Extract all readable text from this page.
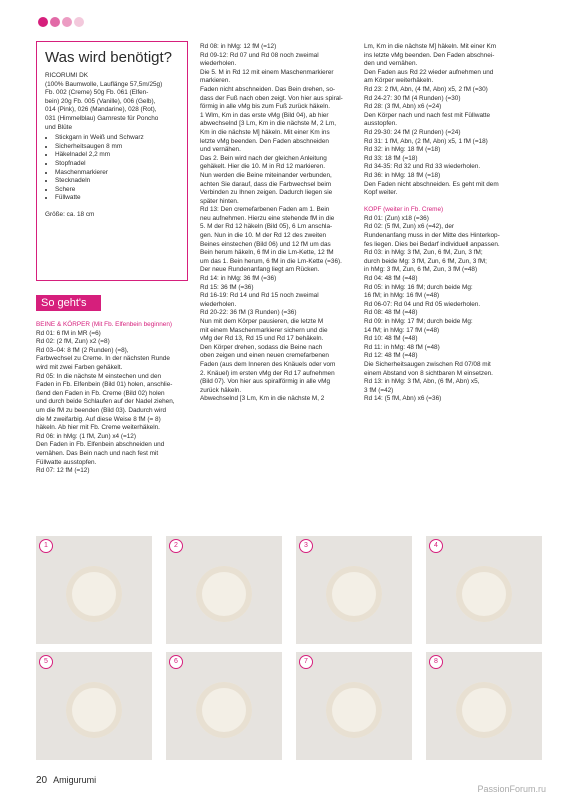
Was wird benötigt?

RICORUMI DK

(100% Baumwolle, Lauflänge 57,5m/25g)

Fb. 002 (Creme) 50g Fb. 061 (Elfen-

bein) 20g Fb. 005 (Vanille), 006 (Gelb),

014 (Pink), 026 (Mandarine), 028 (Rot),

031 (Himmelblau) Garnreste für Poncho

und Blüte

• Stickgarn in Weiß und Schwarz
• Sicherheitsaugen 8 mm
• Häkelnadel 2,2 mm
• Stopfnadel
• Maschenmarkierer
• Stecknadeln
• Schere
• Füllwatte

Größe: ca. 18 cm

So geht's
BEINE & KÖRPER (Mit Fb. Elfenbein beginnen)
Rd 01: 6 fM in MR (=6)
Rd 02: (2 fM, Zun) x2 (=8)
Rd 03–04: 8 fM (2 Runden) (=8),
Farbwechsel zu Creme. In der nächsten Runde
wird mit zwei Farben gehäkelt.
Rd 05: In die nächste M einstechen und den
Faden in Fb. Elfenbein (Bild 01) holen, anschlie-
ßend den Faden in Fb. Creme (Bild 02) holen
und durch beide Schlaufen auf der Nadel ziehen,
um die fM zu beenden (Bild 03). Dadurch wird
die M zweifarbig. Auf diese Weise 8 fM (= 8)
häkeln. Ab hier mit Fb. Creme weiterhäkeln.
Rd 06: in hMg: (1 fM, Zun) x4 (=12)
Den Faden in Fb. Elfenbein abschneiden und
vernähen. Das Bein nach und nach fest mit
Füllwatte ausstopfen.
Rd 07: 12 fM (=12)
Rd 08: in hMg: 12 fM (=12)
Rd 09-12: Rd 07 und Rd 08 noch zweimal
wiederholen.
Die 5. M in Rd 12 mit einem Maschenmarkierer
markieren.
Faden nicht abschneiden. Das Bein drehen, so-
dass der Fuß nach oben zeigt. Von hier aus spiral-
förmig in alle vMg bis zum Fuß zurück häkeln.
1 Wlm, Km in das erste vMg (Bild 04), ab hier
abwechselnd [3 Lm, Km in die nächste M, 2 Lm,
Km in die nächste M] häkeln. Mit einer Km ins
letzte vMg beenden. Den Faden abschneiden
und vernähen.
Das 2. Bein wird nach der gleichen Anleitung
gehäkelt. Hier die 10. M in Rd 12 markieren.
Nun werden die Beine miteinander verbunden,
achten Sie darauf, dass die Farbwechsel beim
Verbinden zu Ihnen zeigen. Dadurch liegen sie
später hinten.
Rd 13: Den cremefarbenen Faden am 1. Bein
neu aufnehmen. Hierzu eine stehende fM in die
5. M der Rd 12 häkeln (Bild 05), 6 Lm anschla-
gen. Nun in die 10. M der Rd 12 des zweiten
Beines einstechen (Bild 06) und 12 fM um das
Bein herum häkeln, 6 fM in die Lm-Kette, 12 fM
um das 1. Bein herum, 6 fM in die Lm-Kette (=36).
Der neue Rundenanfang liegt am Rücken.
Rd 14: in hMg: 36 fM (=36)
Rd 15: 36 fM (=36)
Rd 16-19: Rd 14 und Rd 15 noch zweimal
wiederholen.
Rd 20-22: 36 fM (3 Runden) (=36)
Nun mit dem Körper pausieren, die letzte M
mit einem Maschenmarkierer sichern und die
vMg der Rd 13, Rd 15 und Rd 17 behäkeln.
Den Körper drehen, sodass die Beine nach
oben zeigen und einen neuen cremefarbenen
Faden (aus dem Inneren des Knäuels oder vom
2. Knäuel) im ersten vMg der Rd 17 aufnehmen
(Bild 07). Von hier aus spiralförmig in alle vMg
zurück häkeln.
Abwechselnd [3 Lm, Km in die nächste M, 2
Lm, Km in die nächste M] häkeln. Mit einer Km
ins letzte vMg beenden. Den Faden abschnei-
den und vernähen.
Den Faden aus Rd 22 wieder aufnehmen und
am Körper weiterhäkeln.
Rd 23: 2 fM, Abn, (4 fM, Abn) x5, 2 fM (=30)
Rd 24-27: 30 fM (4 Runden) (=30)
Rd 28: (3 fM, Abn) x6 (=24)
Den Körper nach und nach fest mit Füllwatte
ausstopfen.
Rd 29-30: 24 fM (2 Runden) (=24)
Rd 31: 1 fM, Abn, (2 fM, Abn) x5, 1 fM (=18)
Rd 32: in hMg: 18 fM (=18)
Rd 33: 18 fM (=18)
Rd 34-35: Rd 32 und Rd 33 wiederholen.
Rd 36: in hMg: 18 fM (=18)
Den Faden nicht abschneiden. Es geht mit dem
Kopf weiter.

KOPF (weiter in Fb. Creme)
Rd 01: (Zun) x18 (=36)
Rd 02: (5 fM, Zun) x6 (=42), der
Rundenanfang muss in der Mitte des Hinterkop-
fes liegen. Dies bei Bedarf individuell anpassen.
Rd 03: in hMg: 3 fM, Zun, 6 fM, Zun, 3 fM;
durch beide Mg: 3 fM, Zun, 6 fM, Zun, 3 fM;
in hMg: 3 fM, Zun, 6 fM, Zun, 3 fM (=48)
Rd 04: 48 fM (=48)
Rd 05: in hMg: 16 fM; durch beide Mg:
16 fM; in hMg: 16 fM (=48)
Rd 06-07: Rd 04 und Rd 05 wiederholen.
Rd 08: 48 fM (=48)
Rd 09: in hMg: 17 fM; durch beide Mg:
14 fM; in hMg: 17 fM (=48)
Rd 10: 48 fM (=48)
Rd 11: in hMg: 48 fM (=48)
Rd 12: 48 fM (=48)
Die Sicherheitsaugen zwischen Rd 07/08 mit
einem Abstand von 8 sichtbaren M einsetzen.
Rd 13: in hMg: 3 fM, Abn, (6 fM, Abn) x5,
3 fM (=42)
Rd 14: (5 fM, Abn) x6 (=36)
1	2	3	4
5	6	7	8
20 Amigurumi
PassionForum.ru
